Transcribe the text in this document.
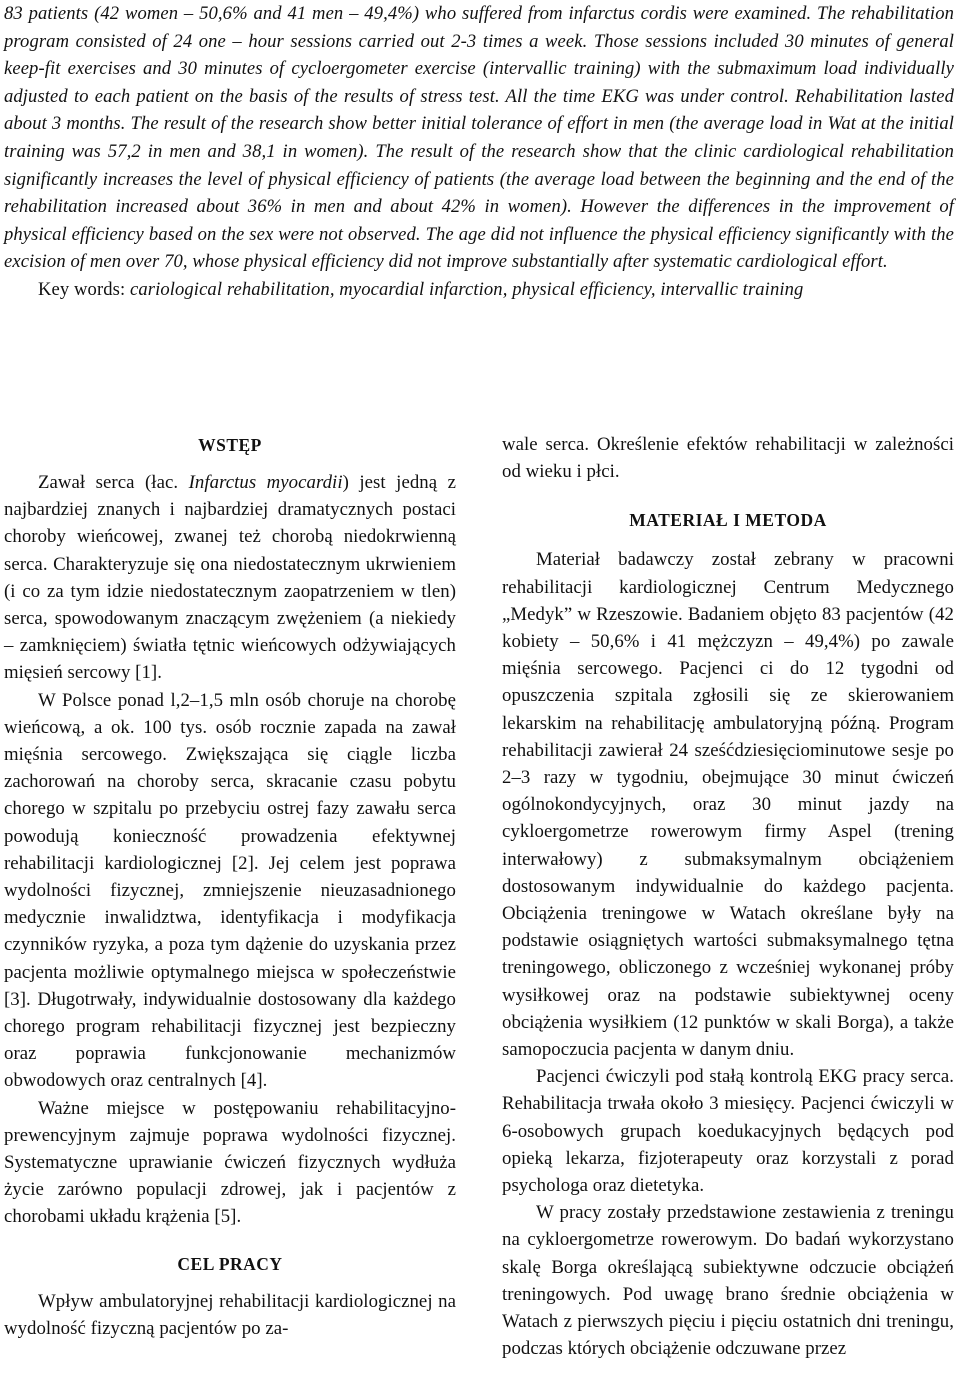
83 patients (42 women – 50,6% and 41 men – 49,4%) who suffered from infarctus cordis were examined. The rehabilitation program consisted of 24 one – hour sessions carried out 2-3 times a week. Those sessions included 30 minutes of general keep-fit exercises and 30 minutes of cycloergometer exercise (intervallic training) with the submaximum load individually adjusted to each patient on the basis of the results of stress test. All the time EKG was under control. Rehabilitation lasted about 3 months. The result of the research show better initial tolerance of effort in men (the average load in Wat at the initial training was 57,2 in men and 38,1 in women). The result of the research show that the clinic cardiological rehabilitation significantly increases the level of physical efficiency of patients (the average load between the beginning and the end of the rehabilitation increased about 36% in men and about 42% in women). However the differences in the improvement of physical efficiency based on the sex were not observed. The age did not influence the physical efficiency significantly with the excision of men over 70, whose physical efficiency did not improve substantially after systematic cardiological effort.

Key words: cariological rehabilitation, myocardial infarction, physical efficiency, intervallic training

WSTĘP

Zawał serca (łac. Infarctus myocardii) jest jedną z najbardziej znanych i najbardziej dramatycznych postaci choroby wieńcowej, zwanej też chorobą niedokrwienną serca. Charakteryzuje się ona niedostatecznym ukrwieniem (i co za tym idzie niedostatecznym zaopatrzeniem w tlen) serca, spowodowanym znaczącym zwężeniem (a niekiedy – zamknięciem) światła tętnic wieńcowych odżywiających mięsień sercowy [1].

W Polsce ponad l,2–1,5 mln osób choruje na chorobę wieńcową, a ok. 100 tys. osób rocznie zapada na zawał mięśnia sercowego. Zwiększająca się ciągle liczba zachorowań na choroby serca, skracanie czasu pobytu chorego w szpitalu po przebyciu ostrej fazy zawału serca powodują konieczność prowadzenia efektywnej rehabilitacji kardiologicznej [2]. Jej celem jest poprawa wydolności fizycznej, zmniejszenie nieuzasadnionego medycznie inwalidztwa, identyfikacja i modyfikacja czynników ryzyka, a poza tym dążenie do uzyskania przez pacjenta możliwie optymalnego miejsca w społeczeństwie [3]. Długotrwały, indywidualnie dostosowany dla każdego chorego program rehabilitacji fizycznej jest bezpieczny oraz poprawia funkcjonowanie mechanizmów obwodowych oraz centralnych [4].

Ważne miejsce w postępowaniu rehabilitacyjno-prewencyjnym zajmuje poprawa wydolności fizycznej. Systematyczne uprawianie ćwiczeń fizycznych wydłuża życie zarówno populacji zdrowej, jak i pacjentów z chorobami układu krążenia [5].

CEL PRACY

Wpływ ambulatoryjnej rehabilitacji kardiologicznej na wydolność fizyczną pacjentów po za-

wale serca. Określenie efektów rehabilitacji w zależności od wieku i płci.

MATERIAŁ I METODA

Materiał badawczy został zebrany w pracowni rehabilitacji kardiologicznej Centrum Medycznego „Medyk” w Rzeszowie. Badaniem objęto 83 pacjentów (42 kobiety – 50,6% i 41 mężczyzn – 49,4%) po zawale mięśnia sercowego. Pacjenci ci do 12 tygodni od opuszczenia szpitala zgłosili się ze skierowaniem lekarskim na rehabilitację ambulatoryjną późną. Program rehabilitacji zawierał 24 sześćdziesięciominutowe sesje po 2–3 razy w tygodniu, obejmujące 30 minut ćwiczeń ogólnokondycyjnych, oraz 30 minut jazdy na cykloergometrze rowerowym firmy Aspel (trening interwałowy) z submaksymalnym obciążeniem dostosowanym indywidualnie do każdego pacjenta. Obciążenia treningowe w Watach określane były na podstawie osiągniętych wartości submaksymalnego tętna treningowego, obliczonego z wcześniej wykonanej próby wysiłkowej oraz na podstawie subiektywnej oceny obciążenia wysiłkiem (12 punktów w skali Borga), a także samopoczucia pacjenta w danym dniu.

Pacjenci ćwiczyli pod stałą kontrolą EKG pracy serca. Rehabilitacja trwała około 3 miesięcy. Pacjenci ćwiczyli w 6-osobowych grupach koedukacyjnych będących pod opieką lekarza, fizjoterapeuty oraz korzystali z porad psychologa oraz dietetyka.

W pracy zostały przedstawione zestawienia z treningu na cykloergometrze rowerowym. Do badań wykorzystano skalę Borga określającą subiektywne odczucie obciążeń treningowych. Pod uwagę brano średnie obciążenia w Watach z pierwszych pięciu i pięciu ostatnich dni treningu, podczas których obciążenie odczuwane przez
